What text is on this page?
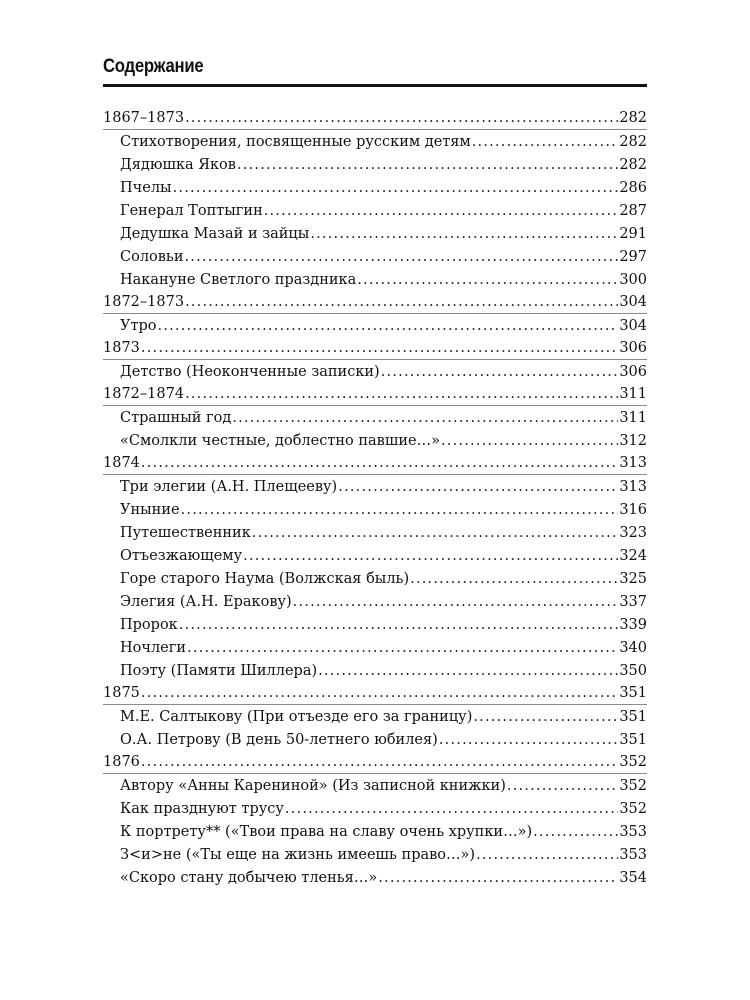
Содержание
1867–1873 .....	282
Стихотворения, посвященные русским детям .....	282
Дядюшка Яков .....	282
Пчелы .....	286
Генерал Топтыгин .....	287
Дедушка Мазай и зайцы .....	291
Соловьи .....	297
Накануне Светлого праздника .....	300
1872–1873 .....	304
Утро .....	304
1873 .....	306
Детство (Неоконченные записки) .....	306
1872–1874 .....	311
Страшный год .....	311
«Смолкли честные, доблестно павшие…» .....	312
1874 .....	313
Три элегии (А.Н. Плещееву) .....	313
Уныние .....	316
Путешественник .....	323
Отъезжающему .....	324
Горе старого Наума (Волжская быль) .....	325
Элегия (А.Н. Еракову) .....	337
Пророк .....	339
Ночлеги .....	340
Поэту (Памяти Шиллера) .....	350
1875 .....	351
М.Е. Салтыкову (При отъезде его за границу) .....	351
О.А. Петрову (В день 50-летнего юбилея) .....	351
1876 .....	352
Автору «Анны Карениной» (Из записной книжки) .....	352
Как празднуют трусу .....	352
К портрету** («Твои права на славу очень хрупки…») .....	353
З<и>не («Ты еще на жизнь имеешь право…») .....	353
«Скоро стану добычею тленья…» .....	354
